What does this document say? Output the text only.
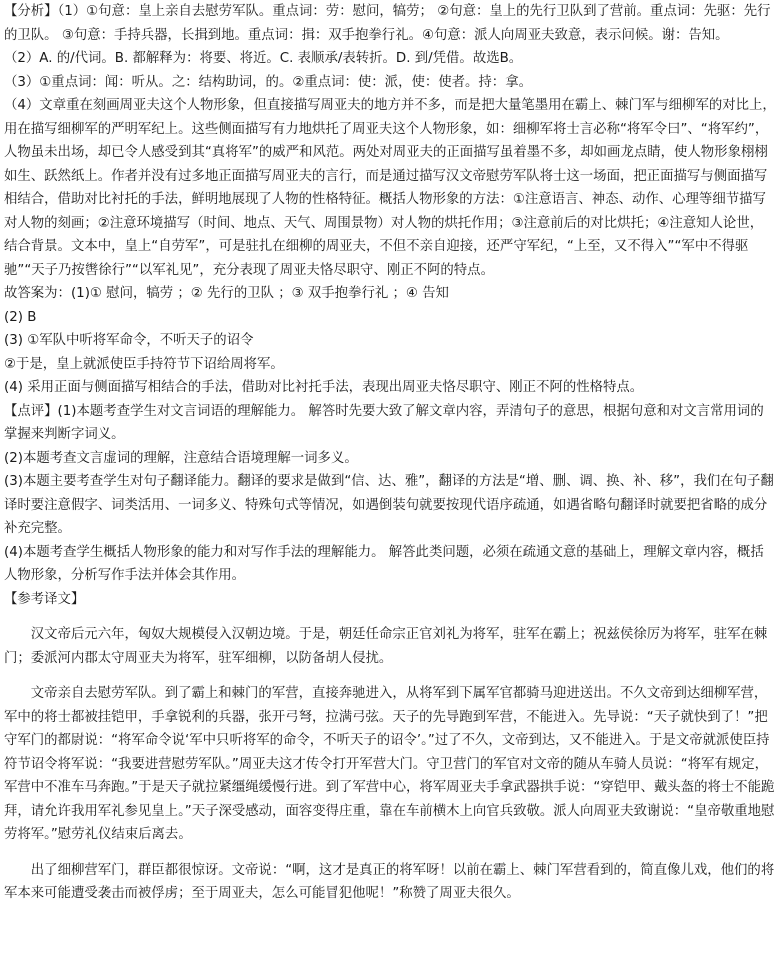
【分析】（1）①句意：皇上亲自去慰劳军队。重点词：劳：慰问，犒劳； ②句意：皇上的先行卫队到了营前。重点词：先驱：先行的卫队。 ③句意：手持兵器，长揖到地。重点词：揖：双手抱拳行礼。④句意：派人向周亚夫致意，表示问候。谢：告知。

（2）A. 的/代词。B. 都解释为：将要、将近。C. 表顺承/表转折。D. 到/凭借。故选B。

（3）①重点词：闻：听从。之：结构助词，的。②重点词：使：派，使：使者。持：拿。

（4）文章重在刻画周亚夫这个人物形象，但直接描写周亚夫的地方并不多，而是把大量笔墨用在霸上、棘门军与细柳军的对比上，用在描写细柳军的严明军纪上。这些侧面描写有力地烘托了周亚夫这个人物形象，如：细柳军将士言必称“将军令曰”、“将军约”，人物虽未出场，却已令人感受到其“真将军”的威严和风范。两处对周亚夫的正面描写虽着墨不多，却如画龙点睛，使人物形象栩栩如生、跃然纸上。作者并没有过多地正面描写周亚夫的言行，而是通过描写汉文帝慰劳军队将士这一场面，把正面描写与侧面描写相结合，借助对比衬托的手法，鲜明地展现了人物的性格特征。概括人物形象的方法：①注意语言、神态、动作、心理等细节描写对人物的刻画；②注意环境描写（时间、地点、天气、周围景物）对人物的烘托作用；③注意前后的对比烘托；④注意知人论世，结合背景。文本中，皇上“自劳军”，可是驻扎在细柳的周亚夫，不但不亲自迎接，还严守军纪，“上至，又不得入”“军中不得驱驰”“天子乃按辔徐行”“以军礼见”，充分表现了周亚夫恪尽职守、刚正不阿的特点。

故答案为：(1)① 慰问，犒劳 ；② 先行的卫队 ；③ 双手抱拳行礼 ；④ 告知

(2) B

(3) ①军队中听将军命令，不听天子的诏令

②于是，皇上就派使臣手持符节下诏给周将军。

(4) 采用正面与侧面描写相结合的手法，借助对比衬托手法，表现出周亚夫恪尽职守、刚正不阿的性格特点。

【点评】(1)本题考查学生对文言词语的理解能力。 解答时先要大致了解文章内容，弄清句子的意思，根据句意和对文言常用词的掌握来判断字词义。

(2)本题考查文言虚词的理解，注意结合语境理解一词多义。

(3)本题主要考查学生对句子翻译能力。翻译的要求是做到“信、达、雅”，翻译的方法是“增、删、调、换、补、移”，我们在句子翻译时要注意假字、词类活用、一词多义、特殊句式等情况，如遇倒装句就要按现代语序疏通，如遇省略句翻译时就要把省略的成分补充完整。

(4)本题考查学生概括人物形象的能力和对写作手法的理解能力。 解答此类问题，必须在疏通文意的基础上，理解文章内容，概括人物形象，分析写作手法并体会其作用。

【参考译文】

汉文帝后元六年，匈奴大规模侵入汉朝边境。于是，朝廷任命宗正官刘礼为将军，驻军在霸上；祝兹侯徐厉为将军，驻军在棘门；委派河内郡太守周亚夫为将军，驻军细柳，以防备胡人侵扰。

文帝亲自去慰劳军队。到了霸上和棘门的军营，直接奔驰进入，从将军到下属军官都骑马迎进送出。不久文帝到达细柳军营，军中的将士都被挂铠甲，手拿锐利的兵器，张开弓弩，拉满弓弦。天子的先导跑到军营，不能进入。先导说：“天子就快到了！”把守军门的都尉说：“将军命令说‘军中只听将军的命令，不听天子的诏令’。”过了不久，文帝到达，又不能进入。于是文帝就派使臣持符节诏令将军说：“我要进营慰劳军队。”周亚夫这才传令打开军营大门。守卫营门的军官对文帝的随从车骑人员说：“将军有规定，军营中不准车马奔跑。”于是天子就拉紧缰绳缓慢行进。到了军营中心，将军周亚夫手拿武器拱手说：“穿铠甲、戴头盔的将士不能跪拜，请允许我用军礼参见皇上。”天子深受感动，面容变得庄重，靠在车前横木上向官兵致敬。派人向周亚夫致谢说：“皇帝敬重地慰劳将军。”慰劳礼仪结束后离去。

出了细柳营军门，群臣都很惊讶。文帝说：“啊，这才是真正的将军呀！以前在霸上、棘门军营看到的，简直像儿戏，他们的将军本来可能遭受袭击而被俘虏；至于周亚夫，怎么可能冒犯他呢！”称赞了周亚夫很久。
